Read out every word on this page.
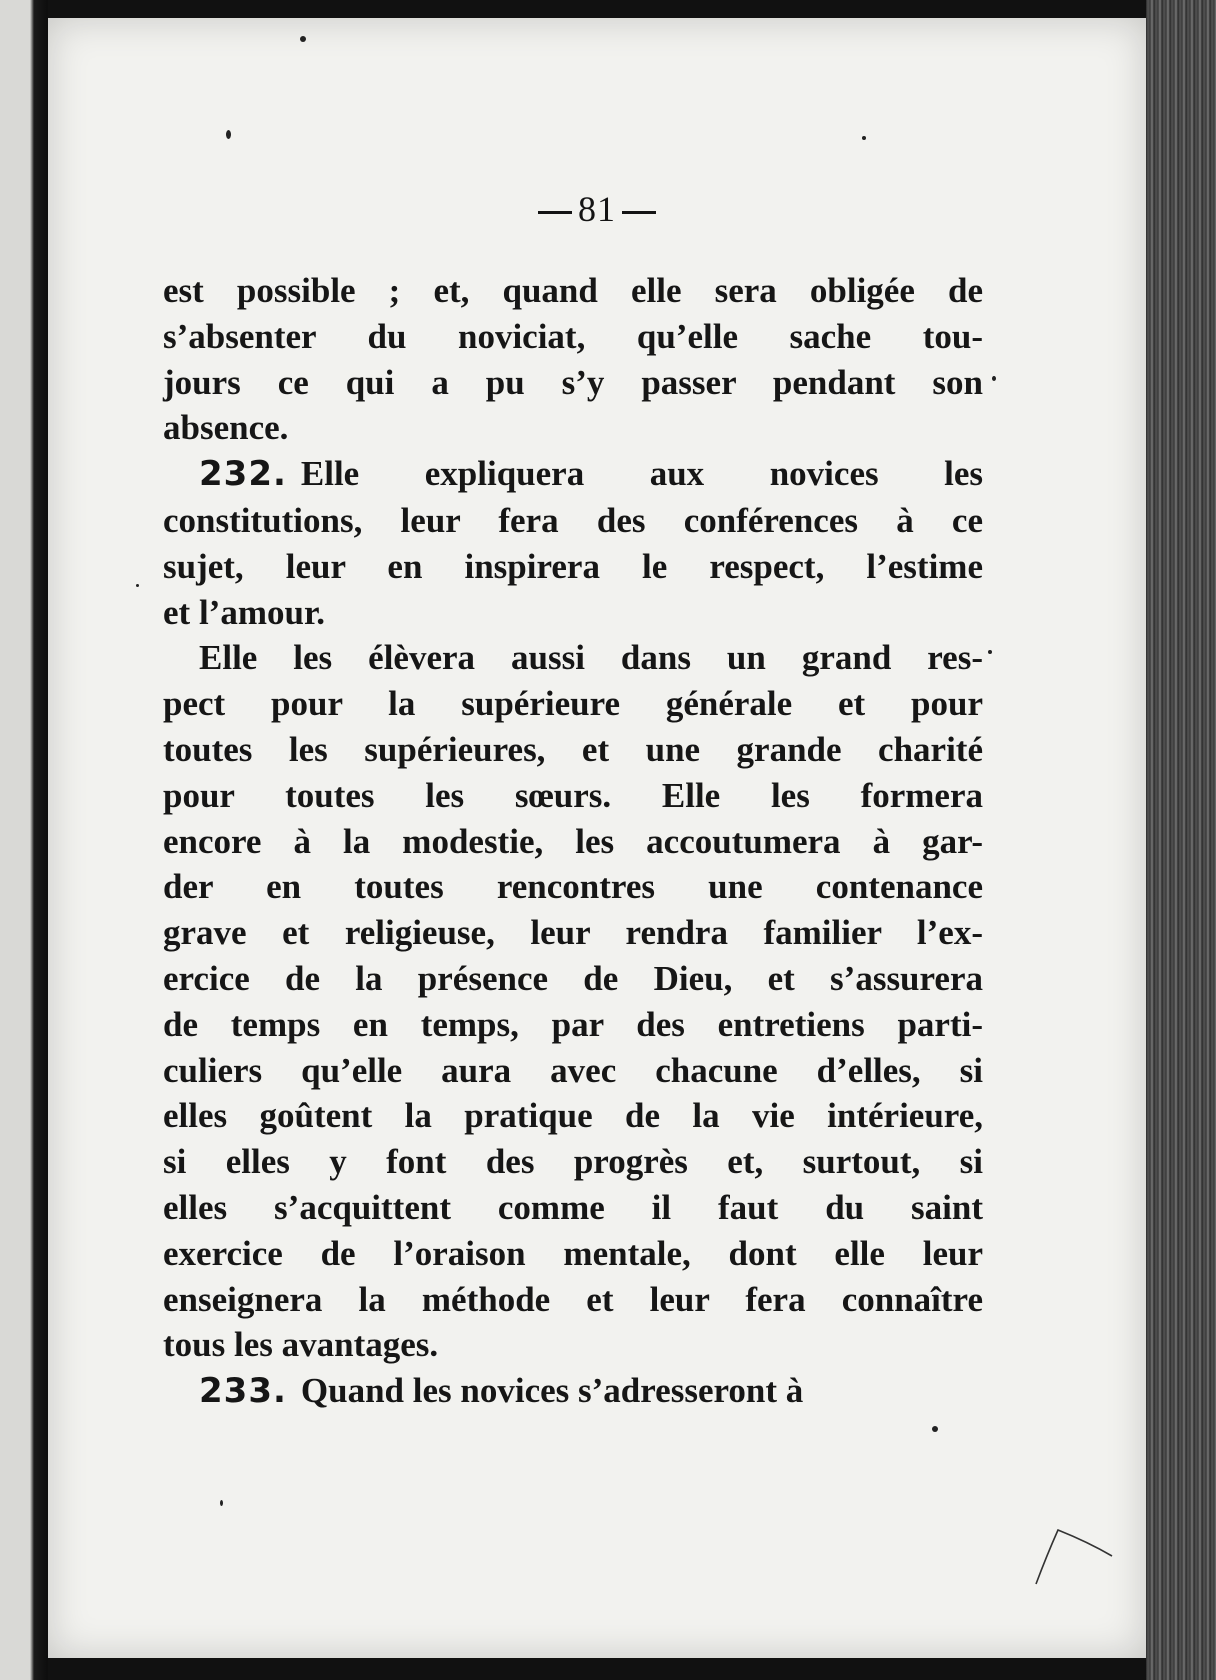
81
est possible ; et, quand elle sera obligée de
s’absenter du noviciat, qu’elle sache tou-
jours ce qui a pu s’y passer pendant son
absence.
232. Elle expliquera aux novices les
constitutions, leur fera des conférences à ce
sujet, leur en inspirera le respect, l’estime
et l’amour.
Elle les élèvera aussi dans un grand res-
pect pour la supérieure générale et pour
toutes les supérieures, et une grande charité
pour toutes les sœurs. Elle les formera
encore à la modestie, les accoutumera à gar-
der en toutes rencontres une contenance
grave et religieuse, leur rendra familier l’ex-
ercice de la présence de Dieu, et s’assurera
de temps en temps, par des entretiens parti-
culiers qu’elle aura avec chacune d’elles, si
elles goûtent la pratique de la vie intérieure,
si elles y font des progrès et, surtout, si
elles s’acquittent comme il faut du saint
exercice de l’oraison mentale, dont elle leur
enseignera la méthode et leur fera connaître
tous les avantages.
233. Quand les novices s’adresseront à
